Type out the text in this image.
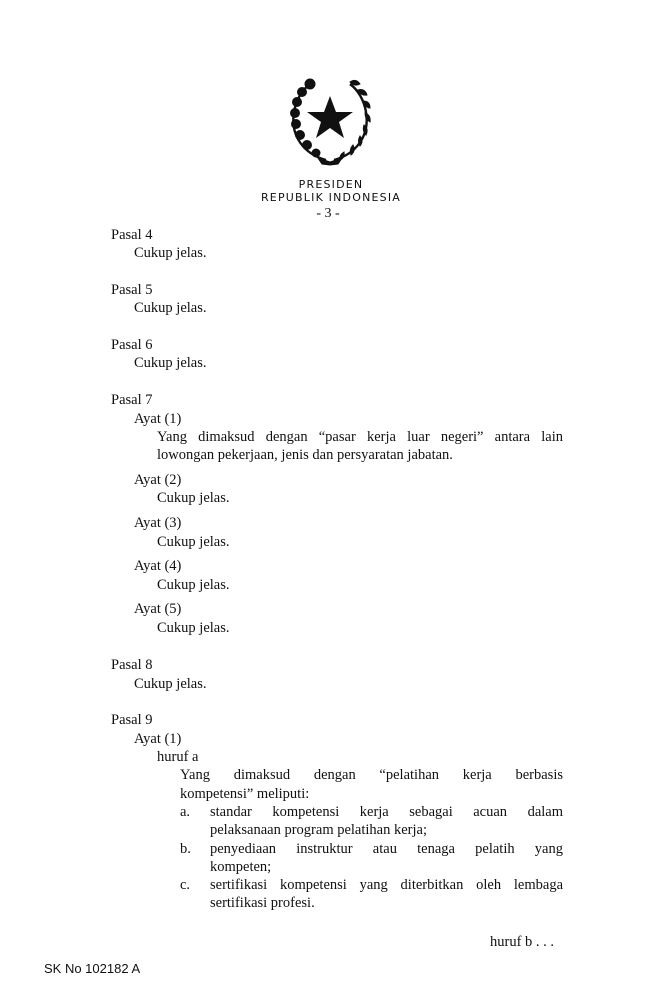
PRESIDEN
REPUBLIK INDONESIA
- 3 -
Pasal 4
Cukup jelas.
Pasal 5
Cukup jelas.
Pasal 6
Cukup jelas.
Pasal 7
Ayat (1)
Yang dimaksud dengan “pasar kerja luar negeri” antara lain
lowongan pekerjaan, jenis dan persyaratan jabatan.
Ayat (2)
Cukup jelas.
Ayat (3)
Cukup jelas.
Ayat (4)
Cukup jelas.
Ayat (5)
Cukup jelas.
Pasal 8
Cukup jelas.
Pasal 9
Ayat (1)
huruf a
Yang dimaksud dengan “pelatihan kerja berbasis
kompetensi” meliputi:
a. standar kompetensi kerja sebagai acuan dalam
pelaksanaan program pelatihan kerja;
b. penyediaan instruktur atau tenaga pelatih yang
kompeten;
c. sertifikasi kompetensi yang diterbitkan oleh lembaga
sertifikasi profesi.
huruf b . . .
SK No 102182 A
